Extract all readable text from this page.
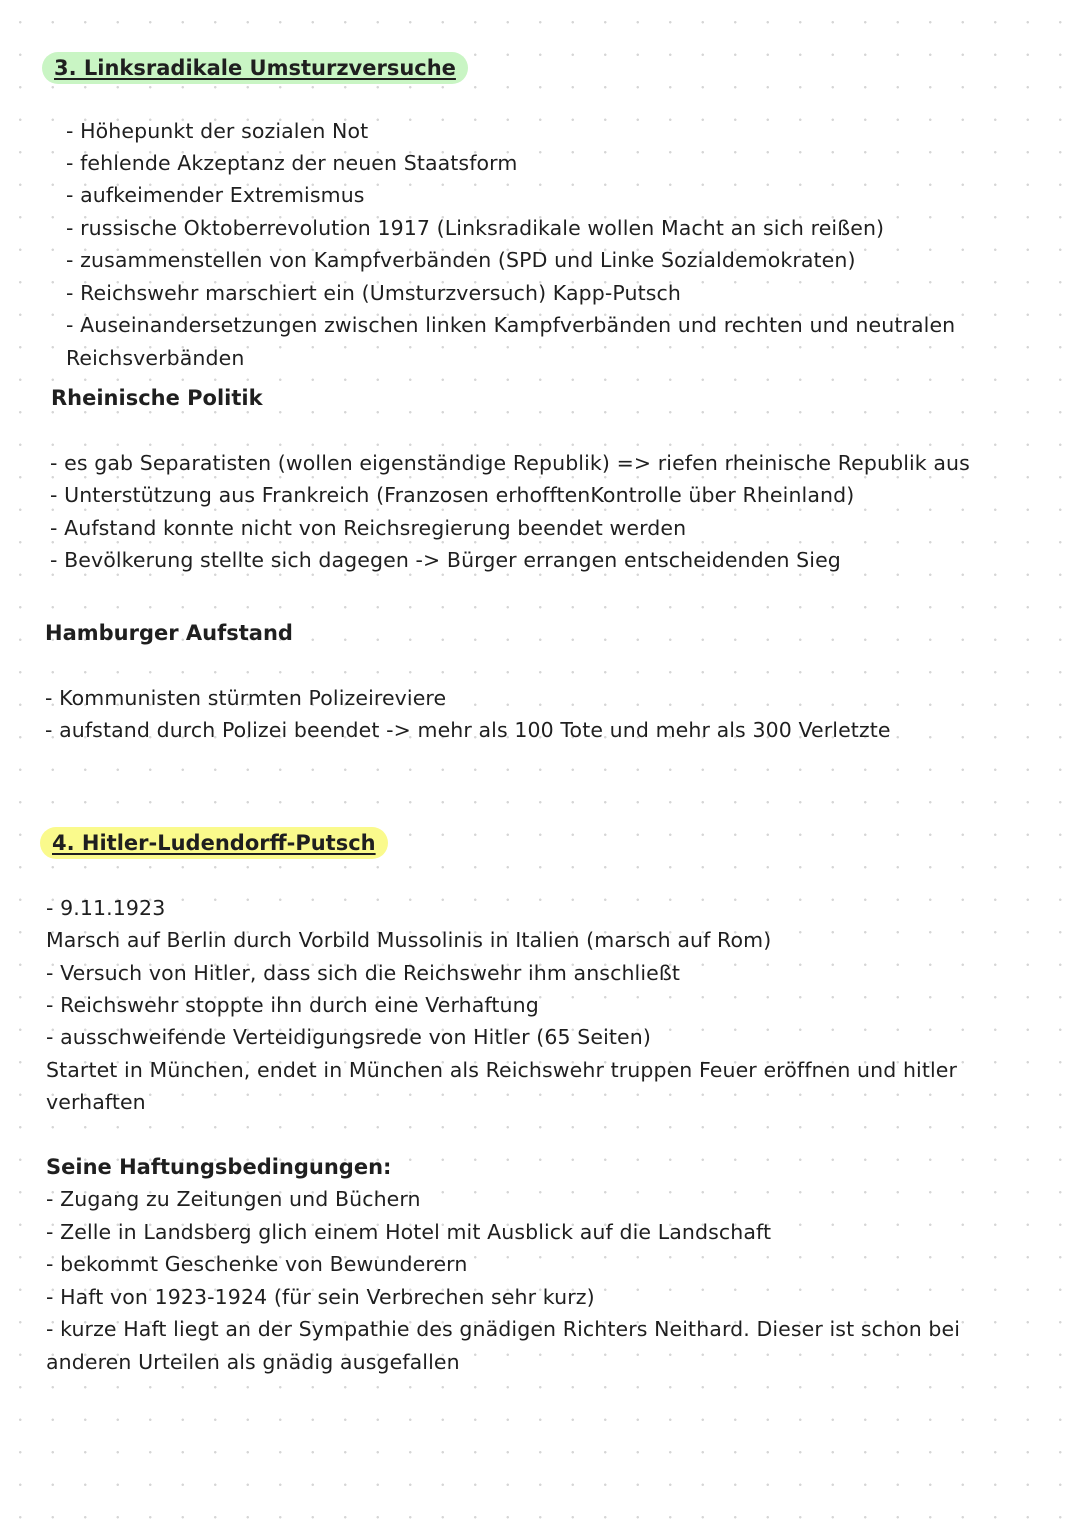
3. Linksradikale Umsturzversuche
- Höhepunkt der sozialen Not
- fehlende Akzeptanz der neuen Staatsform
- aufkeimender Extremismus
- russische Oktoberrevolution 1917 (Linksradikale wollen Macht an sich reißen)
- zusammenstellen von Kampfverbänden (SPD und Linke Sozialdemokraten)
- Reichswehr marschiert ein (Umsturzversuch) Kapp-Putsch
- Auseinandersetzungen zwischen linken Kampfverbänden und rechten und neutralen
Reichsverbänden
Rheinische Politik
- es gab Separatisten (wollen eigenständige Republik) => riefen rheinische Republik aus
- Unterstützung aus Frankreich (Franzosen erhofftenKontrolle über Rheinland)
- Aufstand konnte nicht von Reichsregierung beendet werden
- Bevölkerung stellte sich dagegen -> Bürger errangen entscheidenden Sieg
Hamburger Aufstand
- Kommunisten stürmten Polizeireviere
- aufstand durch Polizei beendet -> mehr als 100 Tote und mehr als 300 Verletzte
4. Hitler-Ludendorff-Putsch
- 9.11.1923
Marsch auf Berlin durch Vorbild Mussolinis in Italien (marsch auf Rom)
- Versuch von Hitler, dass sich die Reichswehr ihm anschließt
- Reichswehr stoppte ihn durch eine Verhaftung
- ausschweifende Verteidigungsrede von Hitler (65 Seiten)
Startet in München, endet in München als Reichswehr truppen Feuer eröffnen und hitler
verhaften
Seine Haftungsbedingungen:
- Zugang zu Zeitungen und Büchern
- Zelle in Landsberg glich einem Hotel mit Ausblick auf die Landschaft
- bekommt Geschenke von Bewunderern
- Haft von 1923-1924 (für sein Verbrechen sehr kurz)
- kurze Haft liegt an der Sympathie des gnädigen Richters Neithard. Dieser ist schon bei
anderen Urteilen als gnädig ausgefallen
